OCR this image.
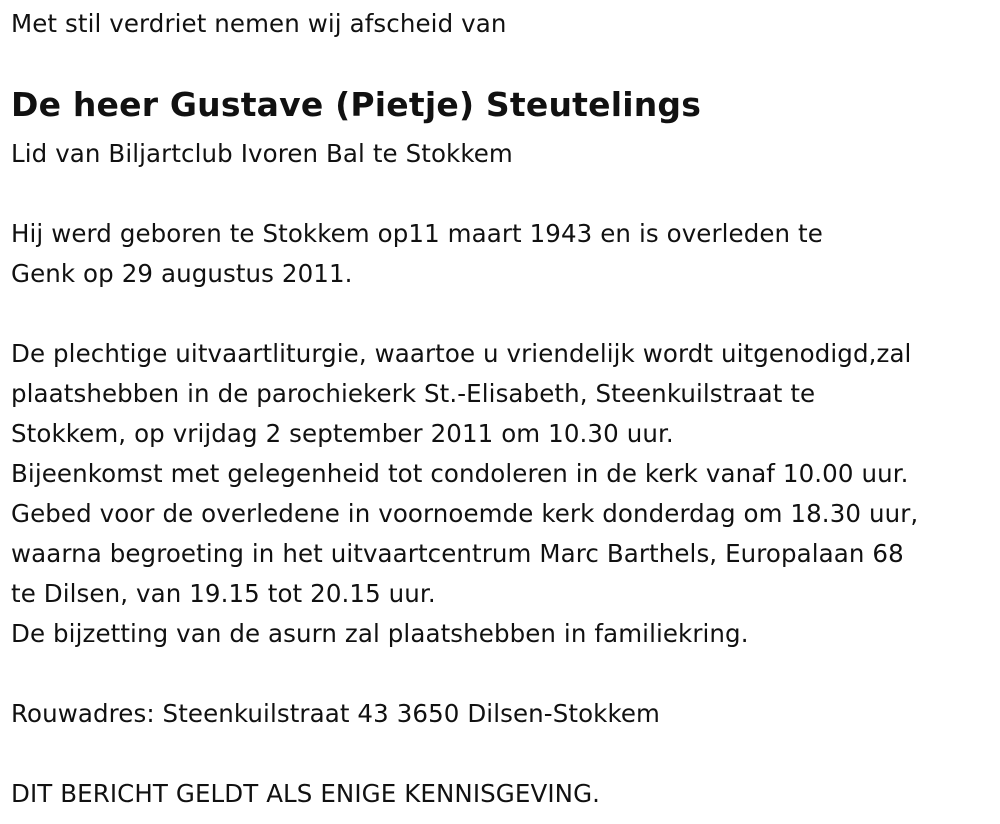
Met stil verdriet nemen wij afscheid van
De heer Gustave (Pietje) Steutelings
Lid van Biljartclub Ivoren Bal te Stokkem
Hij werd geboren te Stokkem op11 maart 1943 en is overleden te
Genk op 29 augustus 2011.
De plechtige uitvaartliturgie, waartoe u vriendelijk wordt uitgenodigd,zal
plaatshebben in de parochiekerk St.-Elisabeth, Steenkuilstraat te
Stokkem, op vrijdag 2 september 2011 om 10.30 uur.
Bijeenkomst met gelegenheid tot condoleren in de kerk vanaf 10.00 uur.
Gebed voor de overledene in voornoemde kerk donderdag om 18.30 uur,
waarna begroeting in het uitvaartcentrum Marc Barthels, Europalaan 68
te Dilsen, van 19.15 tot 20.15 uur.
De bijzetting van de asurn zal plaatshebben in familiekring.
Rouwadres: Steenkuilstraat 43 3650 Dilsen-Stokkem
DIT BERICHT GELDT ALS ENIGE KENNISGEVING.
